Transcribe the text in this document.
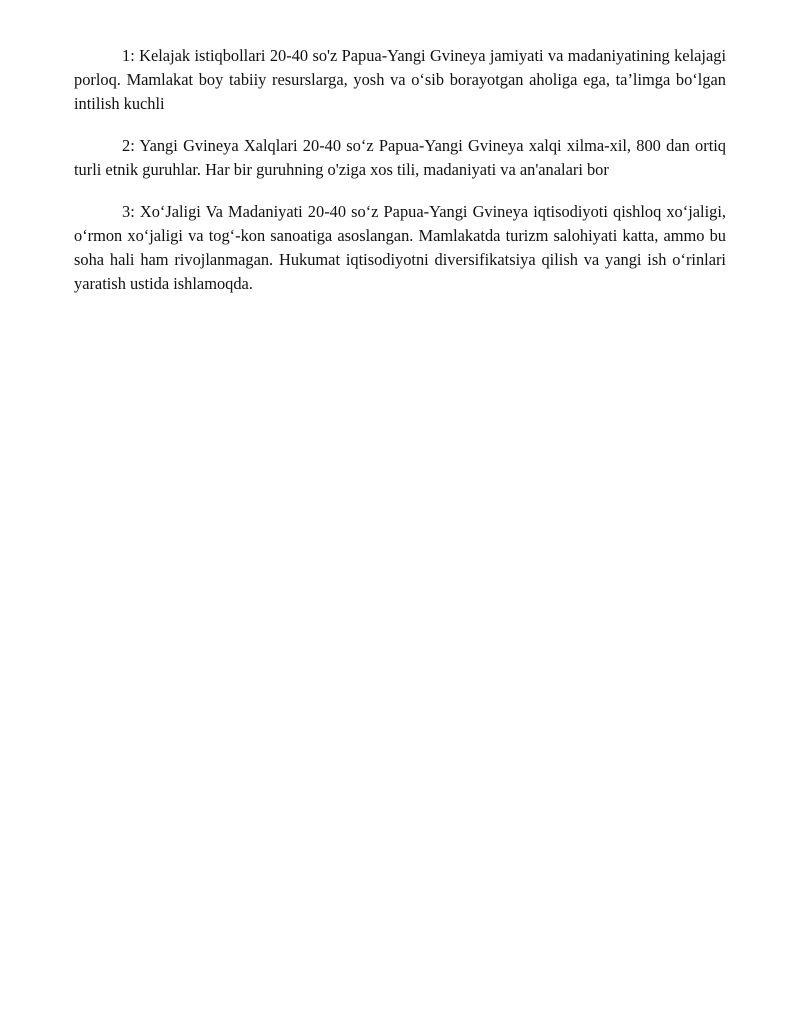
1: Kelajak istiqbollari 20-40 so'z Papua-Yangi Gvineya jamiyati va madaniyatining kelajagi porloq. Mamlakat boy tabiiy resurslarga, yosh va o‘sib borayotgan aholiga ega, ta’limga bo‘lgan intilish kuchli

2: Yangi Gvineya Xalqlari 20-40 so‘z Papua-Yangi Gvineya xalqi xilma-xil, 800 dan ortiq turli etnik guruhlar. Har bir guruhning o'ziga xos tili, madaniyati va an'analari bor

3: Xo‘Jaligi Va Madaniyati 20-40 so‘z Papua-Yangi Gvineya iqtisodiyoti qishloq xo‘jaligi, o‘rmon xo‘jaligi va tog‘-kon sanoatiga asoslangan. Mamlakatda turizm salohiyati katta, ammo bu soha hali ham rivojlanmagan. Hukumat iqtisodiyotni diversifikatsiya qilish va yangi ish o‘rinlari yaratish ustida ishlamoqda.
